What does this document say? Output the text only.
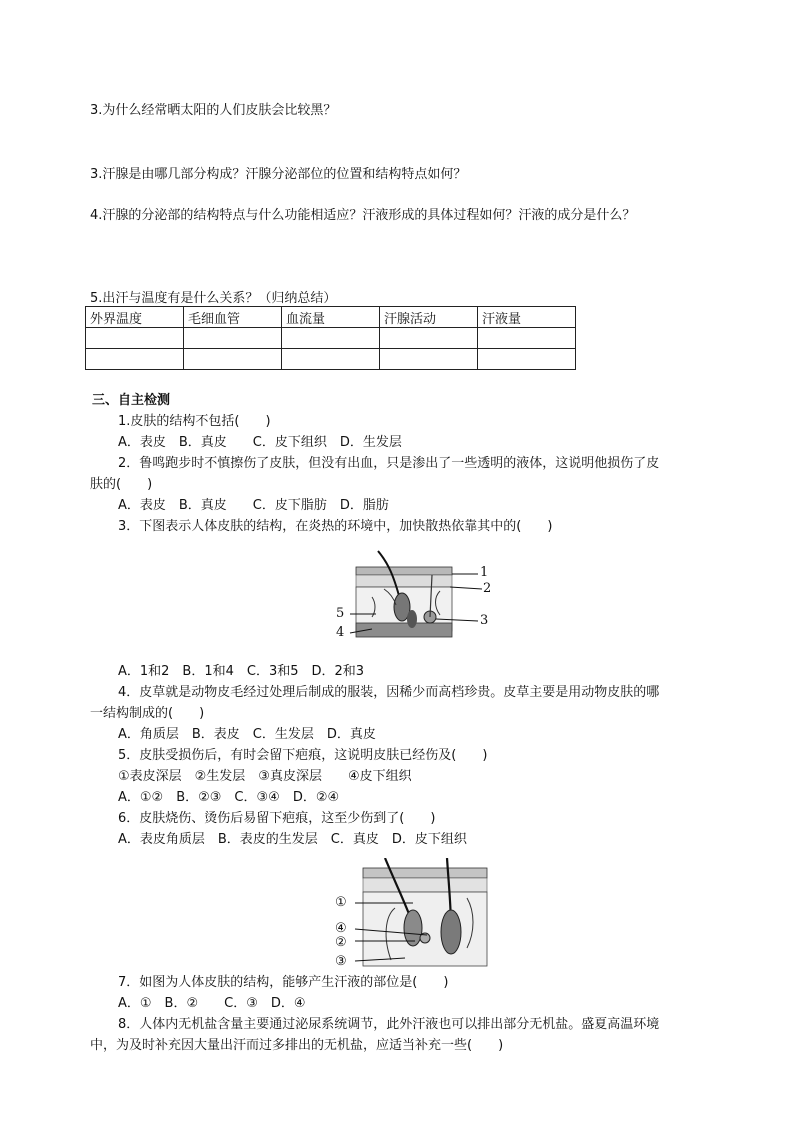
3.为什么经常晒太阳的人们皮肤会比较黑？
3.汗腺是由哪几部分构成？汗腺分泌部位的位置和结构特点如何？
4.汗腺的分泌部的结构特点与什么功能相适应？汗液形成的具体过程如何？汗液的成分是什么？
5.出汗与温度有是什么关系？（归纳总结）
外界温度	毛细血管	血流量	汗腺活动	汗液量

三、自主检测
1.皮肤的结构不包括(　　)
A．表皮　B．真皮　　C．皮下组织　D．生发层
2．鲁鸣跑步时不慎擦伤了皮肤，但没有出血，只是渗出了一些透明的液体，这说明他损伤了皮
肤的(　　)
A．表皮　B．真皮　　C．皮下脂肪　D．脂肪
3．下图表示人体皮肤的结构，在炎热的环境中，加快散热依靠其中的(　　)
1
2
3
4
5
A．1和2　B．1和4　C．3和5　D．2和3
4．皮草就是动物皮毛经过处理后制成的服装，因稀少而高档珍贵。皮草主要是用动物皮肤的哪
一结构制成的(　　)
A．角质层　B．表皮　C．生发层　D．真皮
5．皮肤受损伤后，有时会留下疤痕，这说明皮肤已经伤及(　　)
①表皮深层　②生发层　③真皮深层　　④皮下组织
A．①②　B．②③　C．③④　D．②④
6．皮肤烧伤、烫伤后易留下疤痕，这至少伤到了(　　)
A．表皮角质层　B．表皮的生发层　C．真皮　D．皮下组织
①
④
②
③
7．如图为人体皮肤的结构，能够产生汗液的部位是(　　)
A．①　B．②　　C．③　D．④
8．人体内无机盐含量主要通过泌尿系统调节，此外汗液也可以排出部分无机盐。盛夏高温环境
中，为及时补充因大量出汗而过多排出的无机盐，应适当补充一些(　　)
